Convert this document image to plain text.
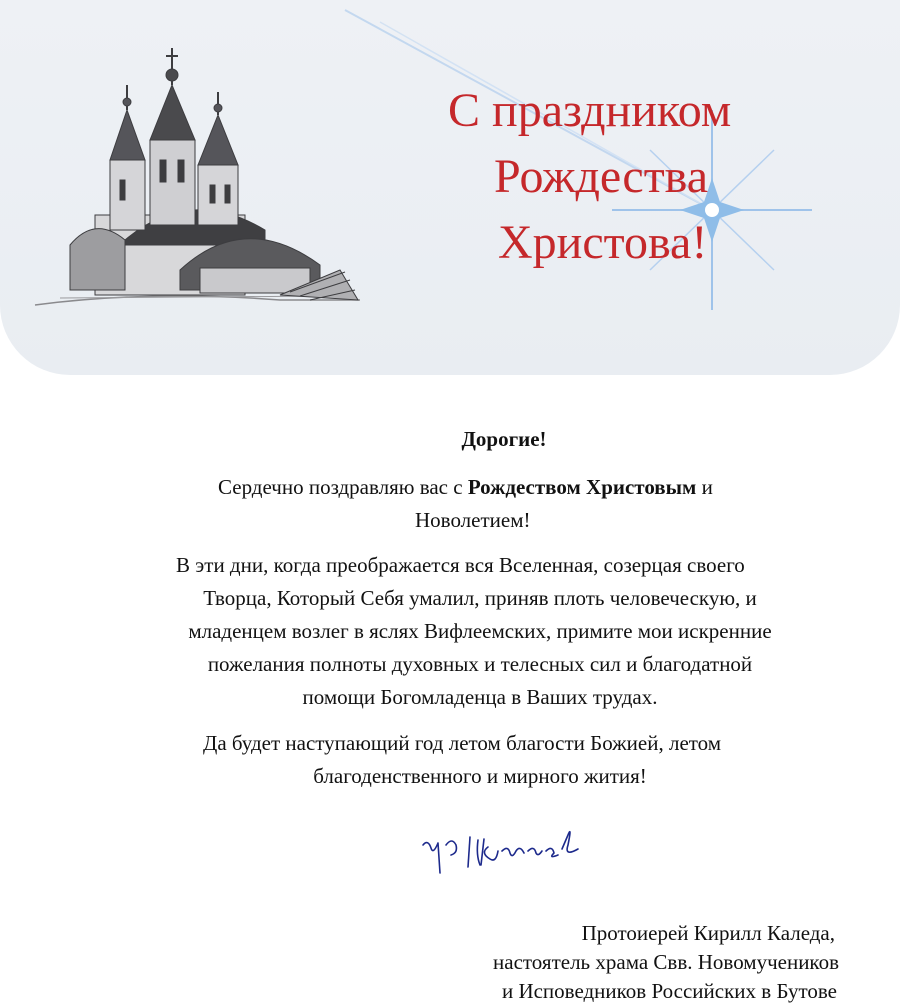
С праздником
Рождества
Христова!
Дорогие!
Сердечно поздравляю вас с Рождеством Христовым и
Новолетием!
В эти дни, когда преображается вся Вселенная, созерцая своего
Творца, Который Себя умалил, приняв плоть человеческую, и
младенцем возлег в яслях Вифлеемских, примите мои искренние
пожелания полноты духовных и телесных сил и благодатной
помощи Богомладенца в Ваших трудах.
Да будет наступающий год летом благости Божией, летом
благоденственного и мирного жития!
Протоиерей Кирилл Каледа,
настоятель храма Свв. Новомучеников
и Исповедников Российских в Бутове
